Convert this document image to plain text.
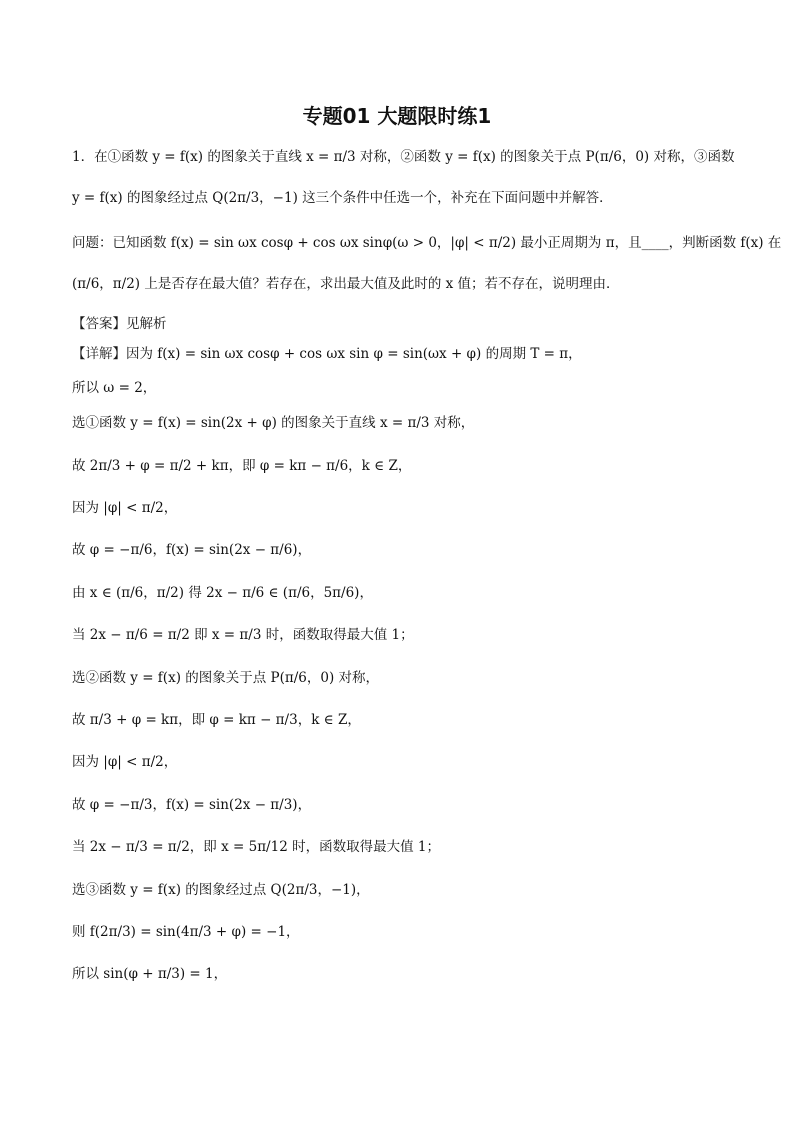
专题01 大题限时练1
1．在①函数 y = f(x) 的图象关于直线 x = π/3 对称，②函数 y = f(x) 的图象关于点 P(π/6，0) 对称，③函数
y = f(x) 的图象经过点 Q(2π/3，−1) 这三个条件中任选一个，补充在下面问题中并解答．
问题：已知函数 f(x) = sin ωx cosφ + cos ωx sinφ(ω > 0，|φ| < π/2) 最小正周期为 π，且____，判断函数 f(x) 在
(π/6，π/2) 上是否存在最大值？若存在，求出最大值及此时的 x 值；若不存在，说明理由．
【答案】见解析
【详解】因为 f(x) = sin ωx cosφ + cos ωx sin φ = sin(ωx + φ) 的周期 T = π，
所以 ω = 2，
选①函数 y = f(x) = sin(2x + φ) 的图象关于直线 x = π/3 对称，
故 2π/3 + φ = π/2 + kπ，即 φ = kπ − π/6，k ∈ Z，
因为 |φ| < π/2，
故 φ = −π/6，f(x) = sin(2x − π/6)，
由 x ∈ (π/6，π/2) 得 2x − π/6 ∈ (π/6，5π/6)，
当 2x − π/6 = π/2 即 x = π/3 时，函数取得最大值 1；
选②函数 y = f(x) 的图象关于点 P(π/6，0) 对称，
故 π/3 + φ = kπ，即 φ = kπ − π/3，k ∈ Z，
因为 |φ| < π/2，
故 φ = −π/3，f(x) = sin(2x − π/3)，
当 2x − π/3 = π/2，即 x = 5π/12 时，函数取得最大值 1；
选③函数 y = f(x) 的图象经过点 Q(2π/3，−1)，
则 f(2π/3) = sin(4π/3 + φ) = −1，
所以 sin(φ + π/3) = 1，
